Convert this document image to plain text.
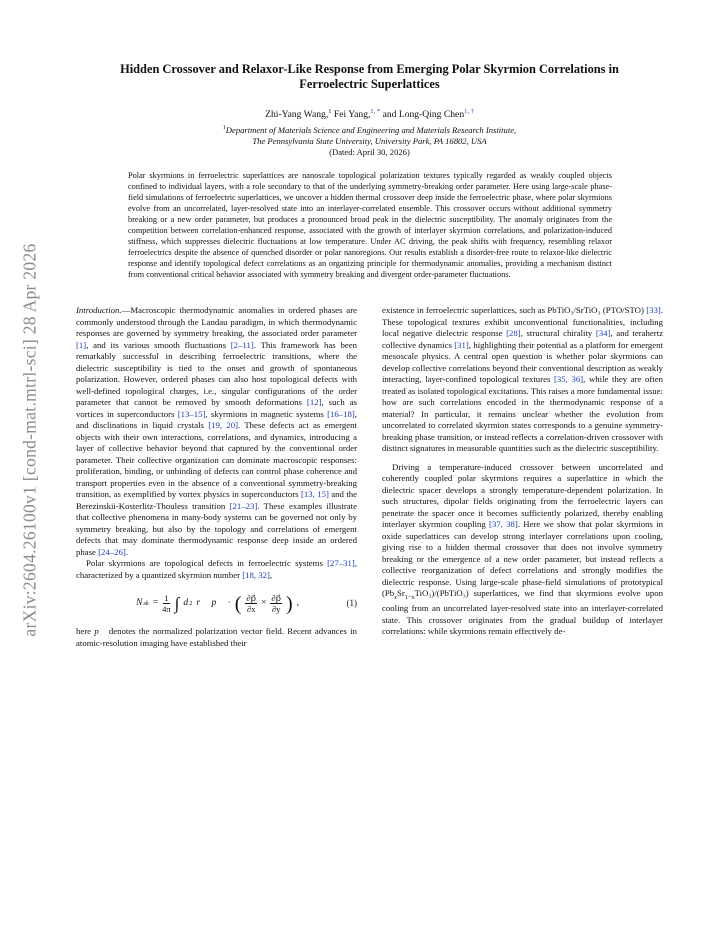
arXiv:2604.26100v1 [cond-mat.mtrl-sci] 28 Apr 2026
Hidden Crossover and Relaxor-Like Response from Emerging Polar Skyrmion Correlations in Ferroelectric Superlattices
Zhi-Yang Wang,$^1$ Fei Yang,$^{1, *}$ and Long-Qing Chen$^{1, \dagger}$
$^1$Department of Materials Science and Engineering and Materials Research Institute,
The Pennsylvania State University, University Park, PA 16802, USA
(Dated: April 30, 2026)
Polar skyrmions in ferroelectric superlattices are nanoscale topological polarization textures typically regarded as weakly coupled objects confined to individual layers, with a role secondary to that of the underlying symmetry-breaking order parameter. Here using large-scale phase-field simulations of ferroelectric superlattices, we uncover a hidden thermal crossover deep inside the ferroelectric phase, where polar skyrmions evolve from an uncorrelated, layer-resolved state into an interlayer-correlated ensemble. This crossover occurs without additional symmetry breaking or a new order parameter, but produces a pronounced broad peak in the dielectric susceptibility. The anomaly originates from the competition between correlation-enhanced response, associated with the growth of interlayer skyrmion correlations, and polarization-induced stiffness, which suppresses dielectric fluctuations at low temperature. Under AC driving, the peak shifts with frequency, resembling relaxor ferroelectrics despite the absence of quenched disorder or polar nanoregions. Our results establish a disorder-free route to relaxor-like dielectric response and identify topological defect correlations as an organizing principle for thermodynamic anomalies, providing a mechanism distinct from conventional critical behavior associated with symmetry breaking and divergent order-parameter fluctuations.

Introduction.—Macroscopic thermodynamic anomalies in ordered phases are commonly understood through the Landau paradigm, in which thermodynamic responses are governed by symmetry breaking, the associated order parameter [1], and its various smooth fluctuations [2–11]. This framework has been remarkably successful in describing ferroelectric transitions, where the dielectric susceptibility is tied to the onset and growth of spontaneous polarization. However, ordered phases can also host topological defects with well-defined topological charges, i.e., singular configurations of the order parameter that cannot be removed by smooth deformations [12], such as vortices in superconductors [13–15], skyrmions in magnetic systems [16–18], and disclinations in liquid crystals [19, 20]. These defects act as emergent objects with their own interactions, correlations, and dynamics, introducing a layer of collective behavior beyond that captured by the conventional order parameter. Their collective organization can dominate macroscopic responses: proliferation, binding, or unbinding of defects can control phase coherence and transport properties even in the absence of a conventional symmetry-breaking transition, as exemplified by vortex physics in superconductors [13, 15] and the Berezinskii-Kosterlitz-Thouless transition [21–23]. These examples illustrate that collective phenomena in many-body systems can be governed not only by symmetry breaking, but also by the topology and correlations of emergent defects that may dominate thermodynamic response deep inside an ordered phase [24–26].

Polar skyrmions are topological defects in ferroelectric systems [27–31], characterized by a quantized skyrmion number [18, 32],

N sk = $\frac{1}{4\pi}$ ∫ d 2 r⃗ p⃗ · ( $\frac{\partial p⃗}{\partial x} \times \frac{\partial p⃗}{\partial y}$ ) ,	(1)

here p⃗ denotes the normalized polarization vector field. Recent advances in atomic-resolution imaging have established their

existence in ferroelectric superlattices, such as PbTiO₃/SrTiO₃ (PTO/STO) [33]. These topological textures exhibit unconventional functionalities, including local negative dielectric response [28], structural chirality [34], and terahertz collective dynamics [31], highlighting their potential as a platform for emergent mesoscale physics. A central open question is whether polar skyrmions can develop collective correlations beyond their conventional description as weakly interacting, layer-confined topological textures [35, 36], while they are often treated as isolated topological excitations. This raises a more fundamental issue: how are such correlations encoded in the thermodynamic response of a material? In particular, it remains unclear whether the evolution from uncorrelated to correlated skyrmion states corresponds to a genuine symmetry-breaking phase transition, or instead reflects a correlation-driven crossover with distinct signatures in measurable quantities such as the dielectric susceptibility.

Driving a temperature-induced crossover between uncorrelated and coherently coupled polar skyrmions requires a superlattice in which the dielectric spacer develops a strongly temperature-dependent polarization. In such structures, dipolar fields originating from the ferroelectric layers can penetrate the spacer once it becomes sufficiently polarized, thereby enabling interlayer skyrmion coupling [37, 38]. Here we show that polar skyrmions in oxide superlattices can develop strong interlayer correlations upon cooling, giving rise to a hidden thermal crossover that does not involve symmetry breaking or the emergence of a new order parameter, but instead reflects a collective reorganization of defect correlations and strongly modifies the dielectric response. Using large-scale phase-field simulations of prototypical $(Pb_xSr_{1-x}TiO_3)/(PbTiO_3)$ superlattices, we find that skyrmions evolve upon cooling from an uncorrelated layer-resolved state into an interlayer-correlated state. This crossover originates from the gradual buildup of interlayer correlations: while skyrmions remain effectively de-
